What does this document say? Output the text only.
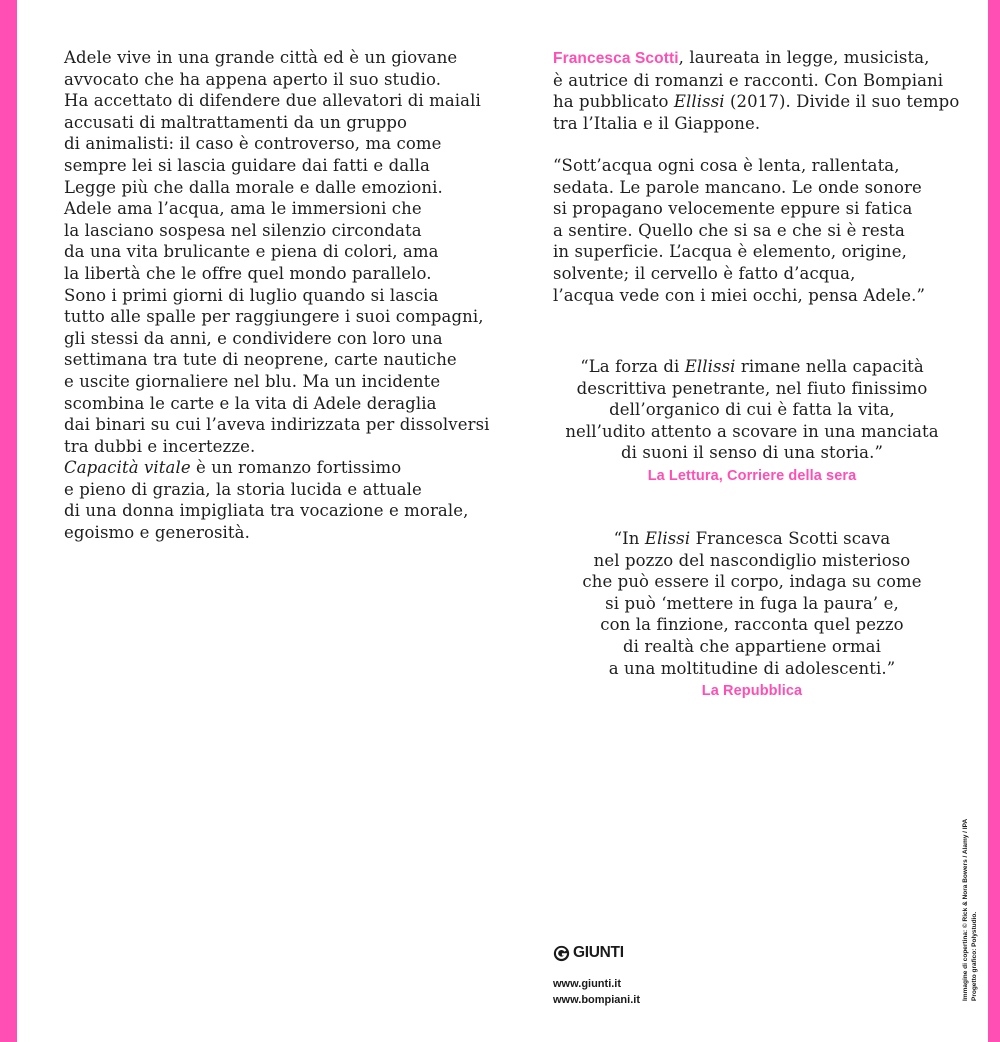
Adele vive in una grande città ed è un giovane
avvocato che ha appena aperto il suo studio.
Ha accettato di difendere due allevatori di maiali
accusati di maltrattamenti da un gruppo
di animalisti: il caso è controverso, ma come
sempre lei si lascia guidare dai fatti e dalla
Legge più che dalla morale e dalle emozioni.
Adele ama l’acqua, ama le immersioni che
la lasciano sospesa nel silenzio circondata
da una vita brulicante e piena di colori, ama
la libertà che le offre quel mondo parallelo.
Sono i primi giorni di luglio quando si lascia
tutto alle spalle per raggiungere i suoi compagni,
gli stessi da anni, e condividere con loro una
settimana tra tute di neoprene, carte nautiche
e uscite giornaliere nel blu. Ma un incidente
scombina le carte e la vita di Adele deraglia
dai binari su cui l’aveva indirizzata per dissolversi
tra dubbi e incertezze.
Capacità vitale è un romanzo fortissimo
e pieno di grazia, la storia lucida e attuale
di una donna impigliata tra vocazione e morale,
egoismo e generosità.
Francesca Scotti, laureata in legge, musicista,
è autrice di romanzi e racconti. Con Bompiani
ha pubblicato Ellissi (2017). Divide il suo tempo
tra l’Italia e il Giappone.
“Sott’acqua ogni cosa è lenta, rallentata,
sedata. Le parole mancano. Le onde sonore
si propagano velocemente eppure si fatica
a sentire. Quello che si sa e che si è resta
in superficie. L’acqua è elemento, origine,
solvente; il cervello è fatto d’acqua,
l’acqua vede con i miei occhi, pensa Adele.”
“La forza di Ellissi rimane nella capacità
descrittiva penetrante, nel fiuto finissimo
dell’organico di cui è fatta la vita,
nell’udito attento a scovare in una manciata
di suoni il senso di una storia.”
La Lettura, Corriere della sera
“In Elissi Francesca Scotti scava
nel pozzo del nascondiglio misterioso
che può essere il corpo, indaga su come
si può ‘mettere in fuga la paura’ e,
con la finzione, racconta quel pezzo
di realtà che appartiene ormai
a una moltitudine di adolescenti.”
La Repubblica
GIUNTI
www.giunti.it
www.bompiani.it	Immagine di copertina: © Rick & Nora Bowers / Alamy / IPA Progetto grafico: Polystudio.
